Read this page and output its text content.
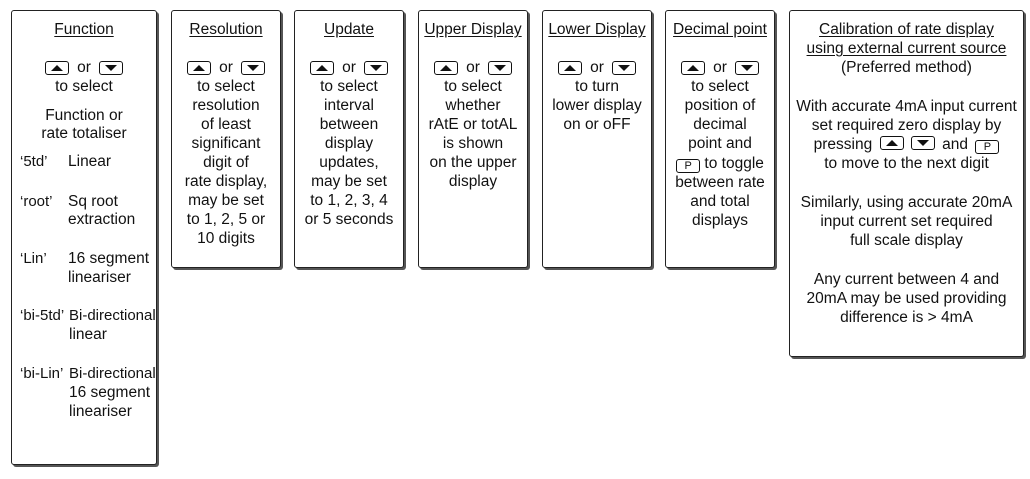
Function
or
to select
Function or
rate totaliser
‘5td’ Linear
‘root’ Sq root
extraction
‘Lin’ 16 segment
lineariser
‘bi-5td’ Bi-directional
linear
‘bi-Lin’ Bi-directional
16 segment
lineariser
Resolution
or
to select
resolution
of least
significant
digit of
rate display,
may be set
to 1, 2, 5 or
10 digits
Update
or
to select
interval
between
display
updates,
may be set
to 1, 2, 3, 4
or 5 seconds
Upper Display
or
to select
whether
rAtE or totAL
is shown
on the upper
display
Lower Display
or
to turn
lower display
on or oFF
Decimal point
or
to select
position of
decimal
point and
P to toggle
between rate
and total
displays
Calibration of rate display
using external current source
(Preferred method)
With accurate 4mA input current
set required zero display by
pressing
	and P
to move to the next digit
Similarly, using accurate 20mA
input current set required
full scale display
Any current between 4 and
20mA may be used providing
difference is > 4mA
